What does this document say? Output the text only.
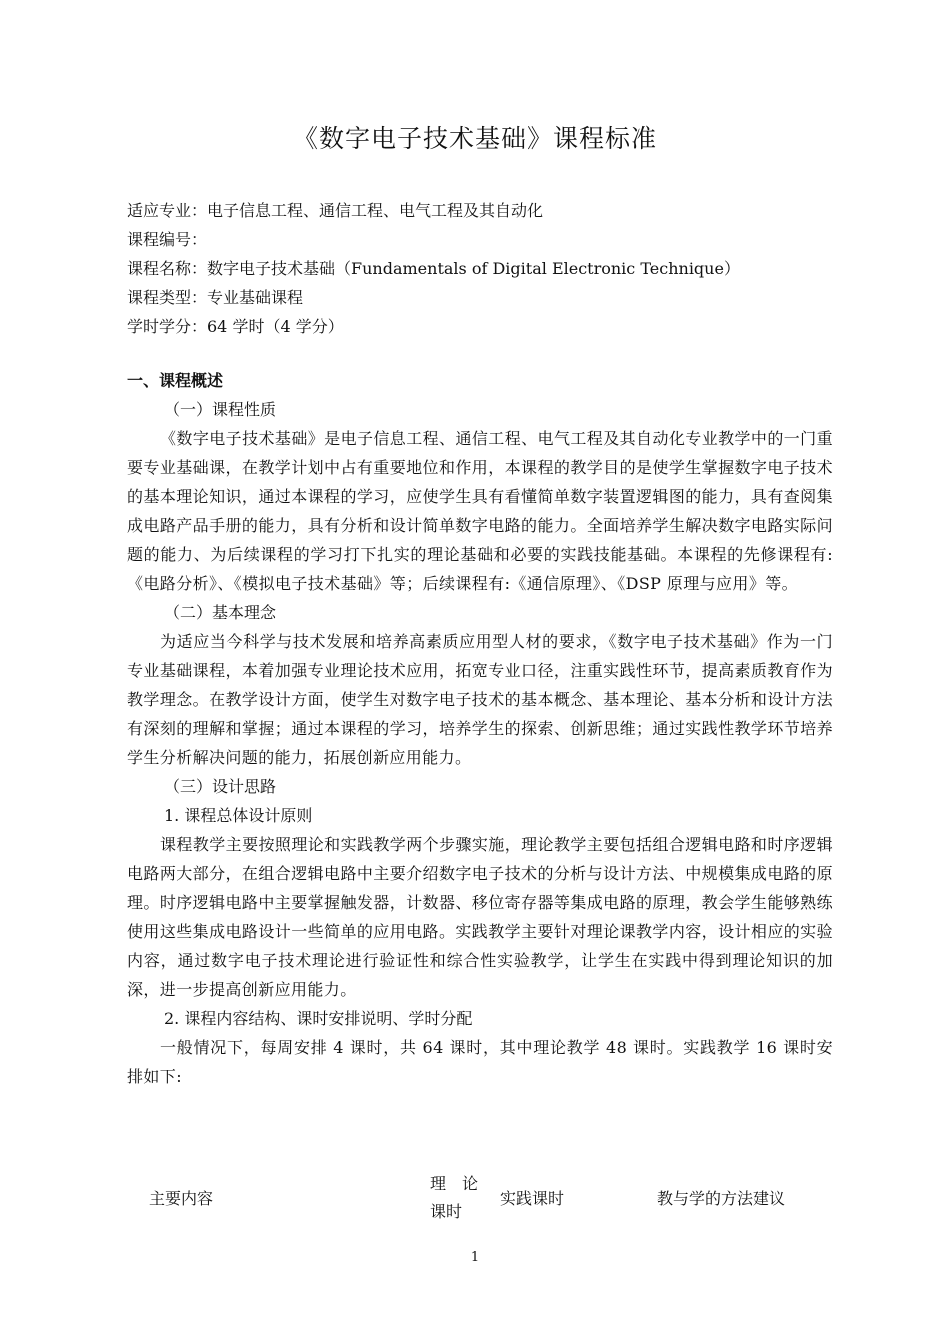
《数字电子技术基础》课程标准
适应专业：电子信息工程、通信工程、电气工程及其自动化
课程编号：
课程名称：数字电子技术基础（Fundamentals of Digital Electronic Technique）
课程类型：专业基础课程
学时学分：64 学时（4 学分）
一、课程概述
（一）课程性质
《数字电子技术基础》是电子信息工程、通信工程、电气工程及其自动化专业教学中的一门重要专业基础课，在教学计划中占有重要地位和作用，本课程的教学目的是使学生掌握数字电子技术的基本理论知识，通过本课程的学习，应使学生具有看懂简单数字装置逻辑图的能力，具有查阅集成电路产品手册的能力，具有分析和设计简单数字电路的能力。全面培养学生解决数字电路实际问题的能力、为后续课程的学习打下扎实的理论基础和必要的实践技能基础。本课程的先修课程有:《电路分析》、《模拟电子技术基础》等；后续课程有:《通信原理》、《DSP 原理与应用》等。
（二）基本理念
为适应当今科学与技术发展和培养高素质应用型人材的要求，《数字电子技术基础》作为一门专业基础课程，本着加强专业理论技术应用，拓宽专业口径，注重实践性环节，提高素质教育作为教学理念。在教学设计方面，使学生对数字电子技术的基本概念、基本理论、基本分析和设计方法有深刻的理解和掌握；通过本课程的学习，培养学生的探索、创新思维；通过实践性教学环节培养学生分析解决问题的能力，拓展创新应用能力。
（三）设计思路
1. 课程总体设计原则
课程教学主要按照理论和实践教学两个步骤实施，理论教学主要包括组合逻辑电路和时序逻辑电路两大部分，在组合逻辑电路中主要介绍数字电子技术的分析与设计方法、中规模集成电路的原理。时序逻辑电路中主要掌握触发器，计数器、移位寄存器等集成电路的原理，教会学生能够熟练使用这些集成电路设计一些简单的应用电路。实践教学主要针对理论课教学内容，设计相应的实验内容，通过数字电子技术理论进行验证性和综合性实验教学，让学生在实践中得到理论知识的加深，进一步提高创新应用能力。
2. 课程内容结构、课时安排说明、学时分配
一般情况下，每周安排 4 课时，共 64 课时，其中理论教学 48 课时。实践教学 16 课时安排如下:
主要内容
理　论课时
实践课时	教与学的方法建议
1
